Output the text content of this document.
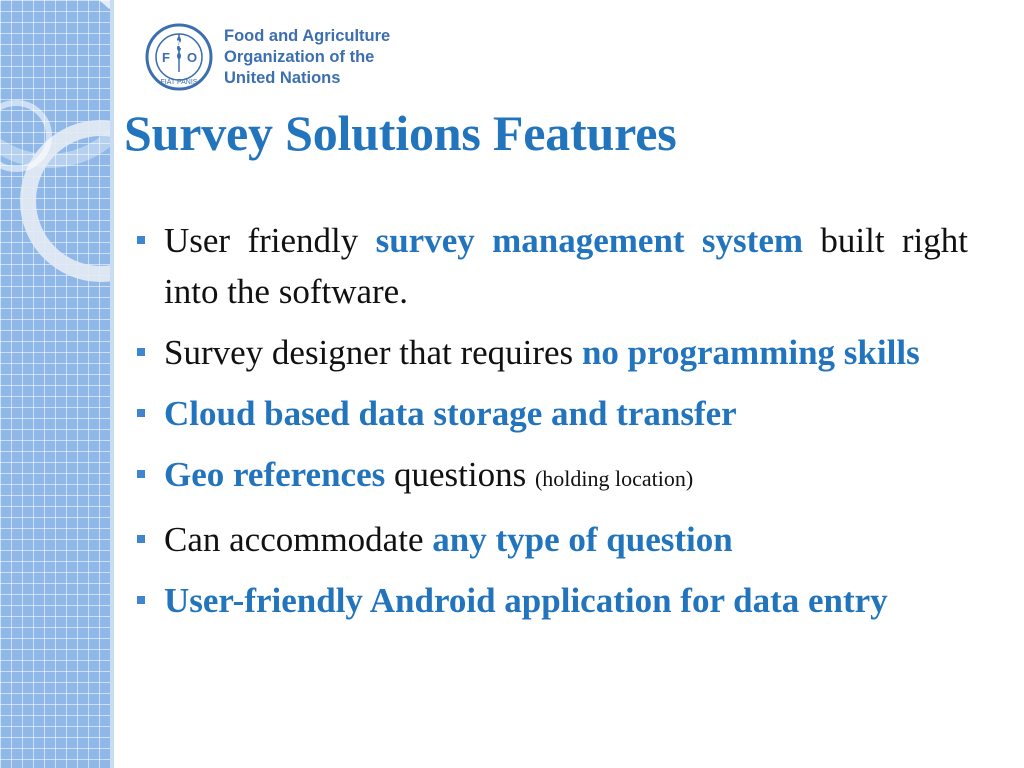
F
A
O
FIAT PANIS
Food and Agriculture
Organization of the
United Nations
Survey Solutions Features
User friendly survey management system built right into the software.
Survey designer that requires no programming skills
Cloud based data storage and transfer
Geo references questions (holding location)
Can accommodate any type of question
User-friendly Android application for data entry
